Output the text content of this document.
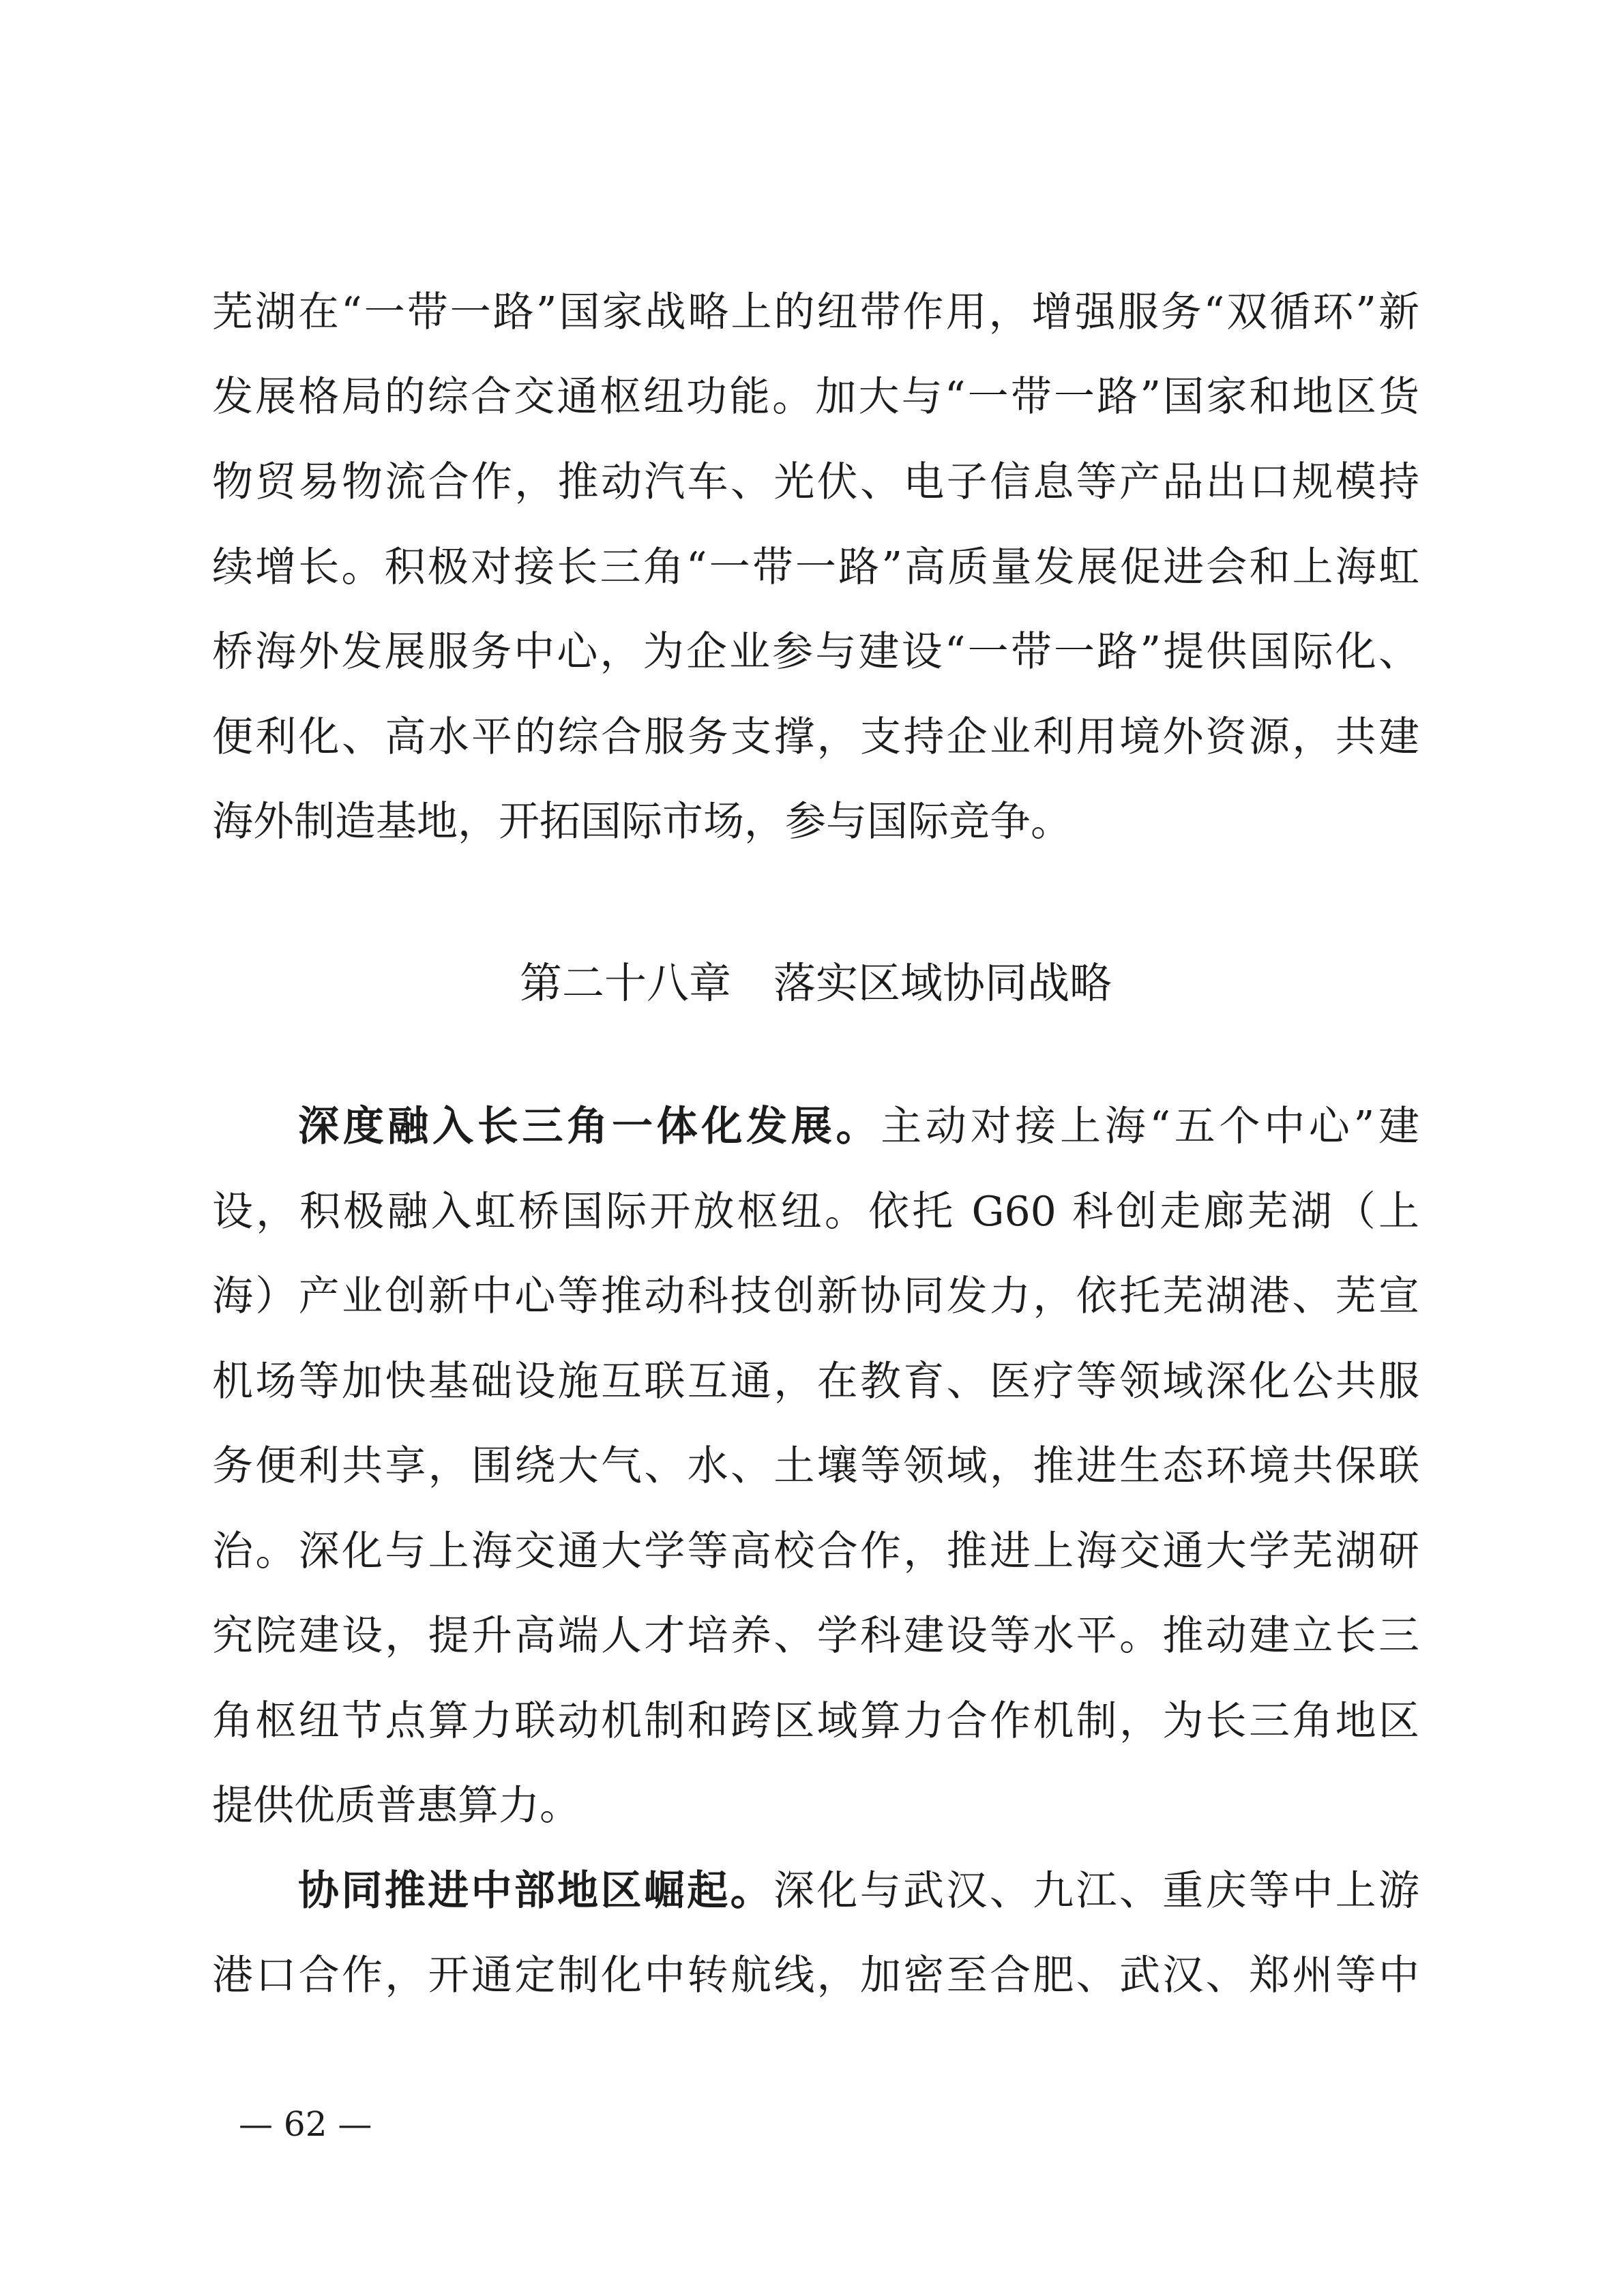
芜湖在“一带一路”国家战略上的纽带作用，增强服务“双循环”新
发展格局的综合交通枢纽功能。加大与“一带一路”国家和地区货
物贸易物流合作，推动汽车、光伏、电子信息等产品出口规模持
续增长。积极对接长三角“一带一路”高质量发展促进会和上海虹
桥海外发展服务中心，为企业参与建设“一带一路”提供国际化、
便利化、高水平的综合服务支撑，支持企业利用境外资源，共建
海外制造基地，开拓国际市场，参与国际竞争。
第二十八章　落实区域协同战略
深度融入长三角一体化发展。主动对接上海“五个中心”建
设，积极融入虹桥国际开放枢纽。依托 G60 科创走廊芜湖（上
海）产业创新中心等推动科技创新协同发力，依托芜湖港、芜宣
机场等加快基础设施互联互通，在教育、医疗等领域深化公共服
务便利共享，围绕大气、水、土壤等领域，推进生态环境共保联
治。深化与上海交通大学等高校合作，推进上海交通大学芜湖研
究院建设，提升高端人才培养、学科建设等水平。推动建立长三
角枢纽节点算力联动机制和跨区域算力合作机制，为长三角地区
提供优质普惠算力。
协同推进中部地区崛起。深化与武汉、九江、重庆等中上游
港口合作，开通定制化中转航线，加密至合肥、武汉、郑州等中
— 62 —
